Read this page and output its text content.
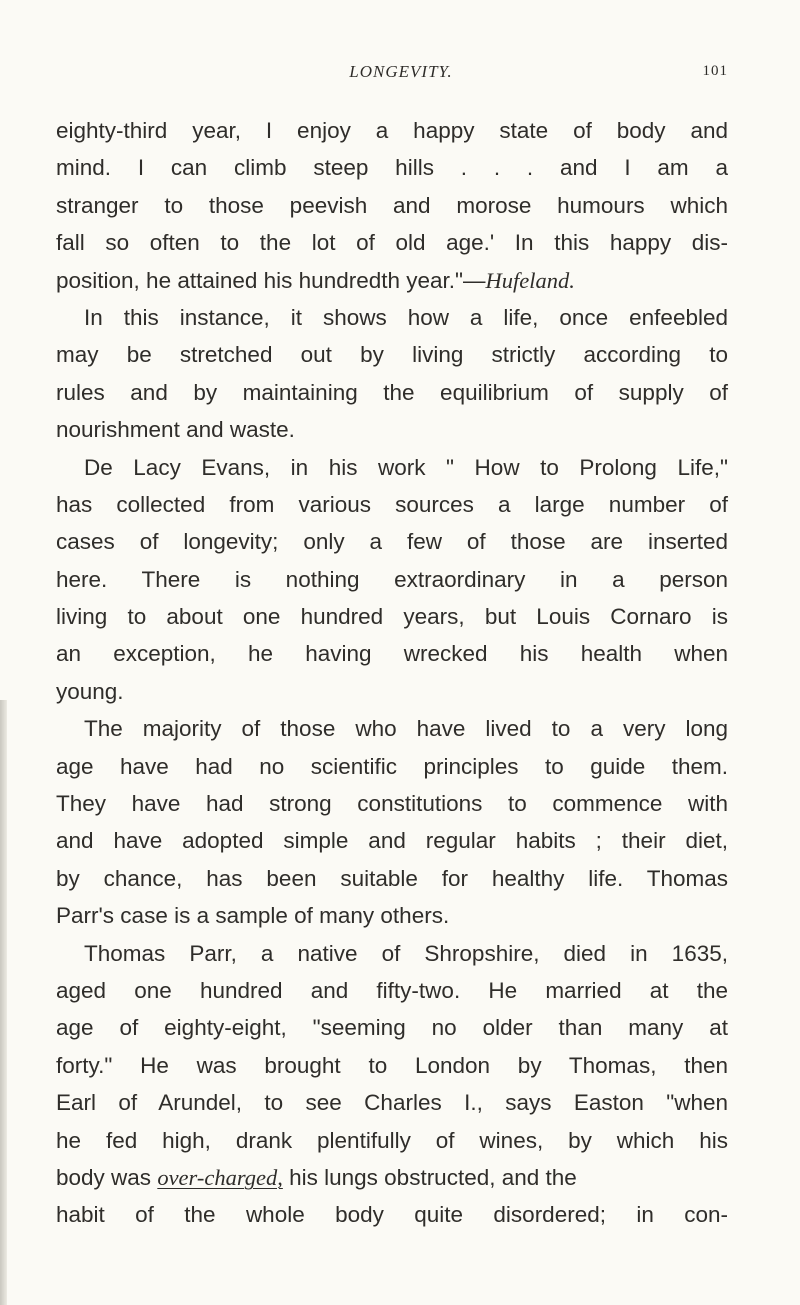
LONGEVITY.	101
eighty-third year, I enjoy a happy state of body and
mind. I can climb steep hills . . . and I am a
stranger to those peevish and morose humours which
fall so often to the lot of old age.' In this happy dis-
position, he attained his hundredth year."—Hufeland.
In this instance, it shows how a life, once enfeebled
may be stretched out by living strictly according to
rules and by maintaining the equilibrium of supply of
nourishment and waste.
De Lacy Evans, in his work " How to Prolong Life,"
has collected from various sources a large number of
cases of longevity; only a few of those are inserted
here. There is nothing extraordinary in a person
living to about one hundred years, but Louis Cornaro is
an exception, he having wrecked his health when
young.
The majority of those who have lived to a very long
age have had no scientific principles to guide them.
They have had strong constitutions to commence with
and have adopted simple and regular habits ; their diet,
by chance, has been suitable for healthy life. Thomas
Parr's case is a sample of many others.
Thomas Parr, a native of Shropshire, died in 1635,
aged one hundred and fifty-two. He married at the
age of eighty-eight, "seeming no older than many at
forty." He was brought to London by Thomas, then
Earl of Arundel, to see Charles I., says Easton "when
he fed high, drank plentifully of wines, by which his
body was over-charged, his lungs obstructed, and the
habit of the whole body quite disordered; in con-
